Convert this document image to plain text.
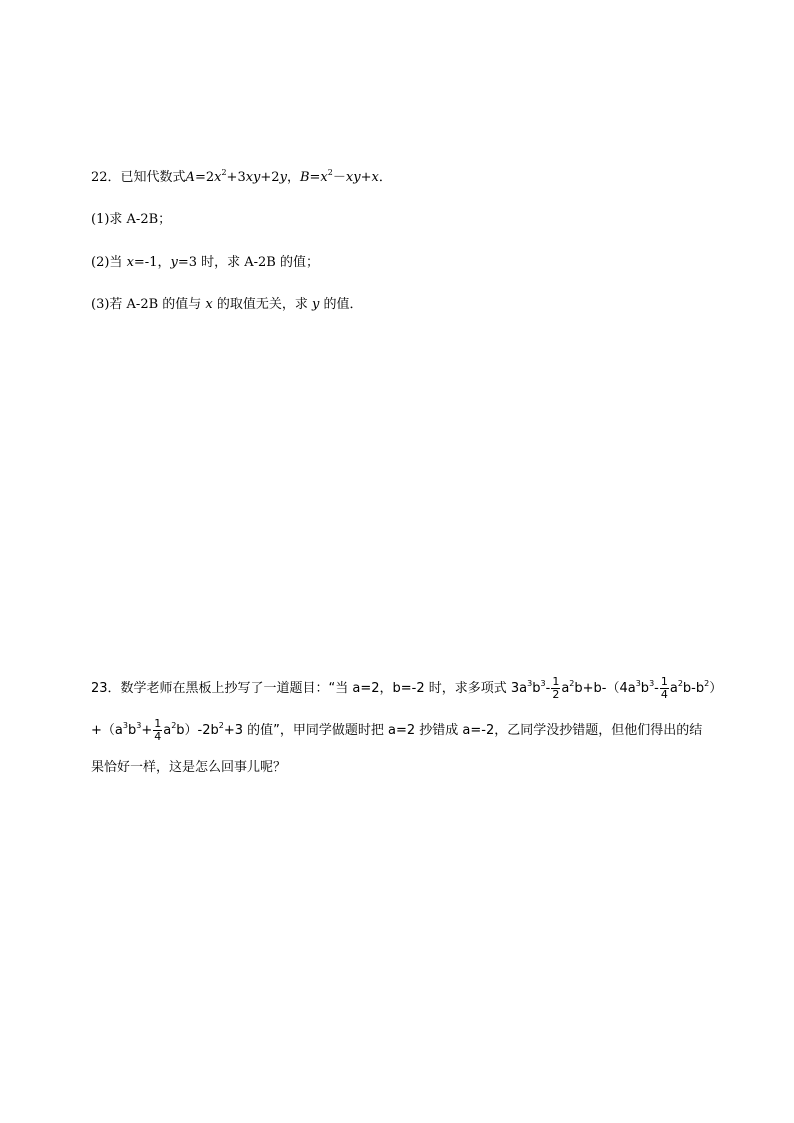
22．已知代数式$A=2x^2+3xy+2y$，$B=x^2-xy+x$．
(1)求 A-2B；
(2)当 x=-1，y=3 时，求 A-2B 的值；
(3)若 A-2B 的值与 x 的取值无关，求 y 的值．
23．数学老师在黑板上抄写了一道题目：“当 a=2，b=-2 时，求多项式 $3a^3b^3- \frac{1}{2} a^2b+b-(4a^3b^3- \frac{1}{4} a^2b-b^2)$
$+(a^3b^3+ \frac{1}{4} a^2b)-2b^2+3$ 的值”，甲同学做题时把 a=2 抄错成 a=-2，乙同学没抄错题，但他们得出的结
果恰好一样，这是怎么回事儿呢？
